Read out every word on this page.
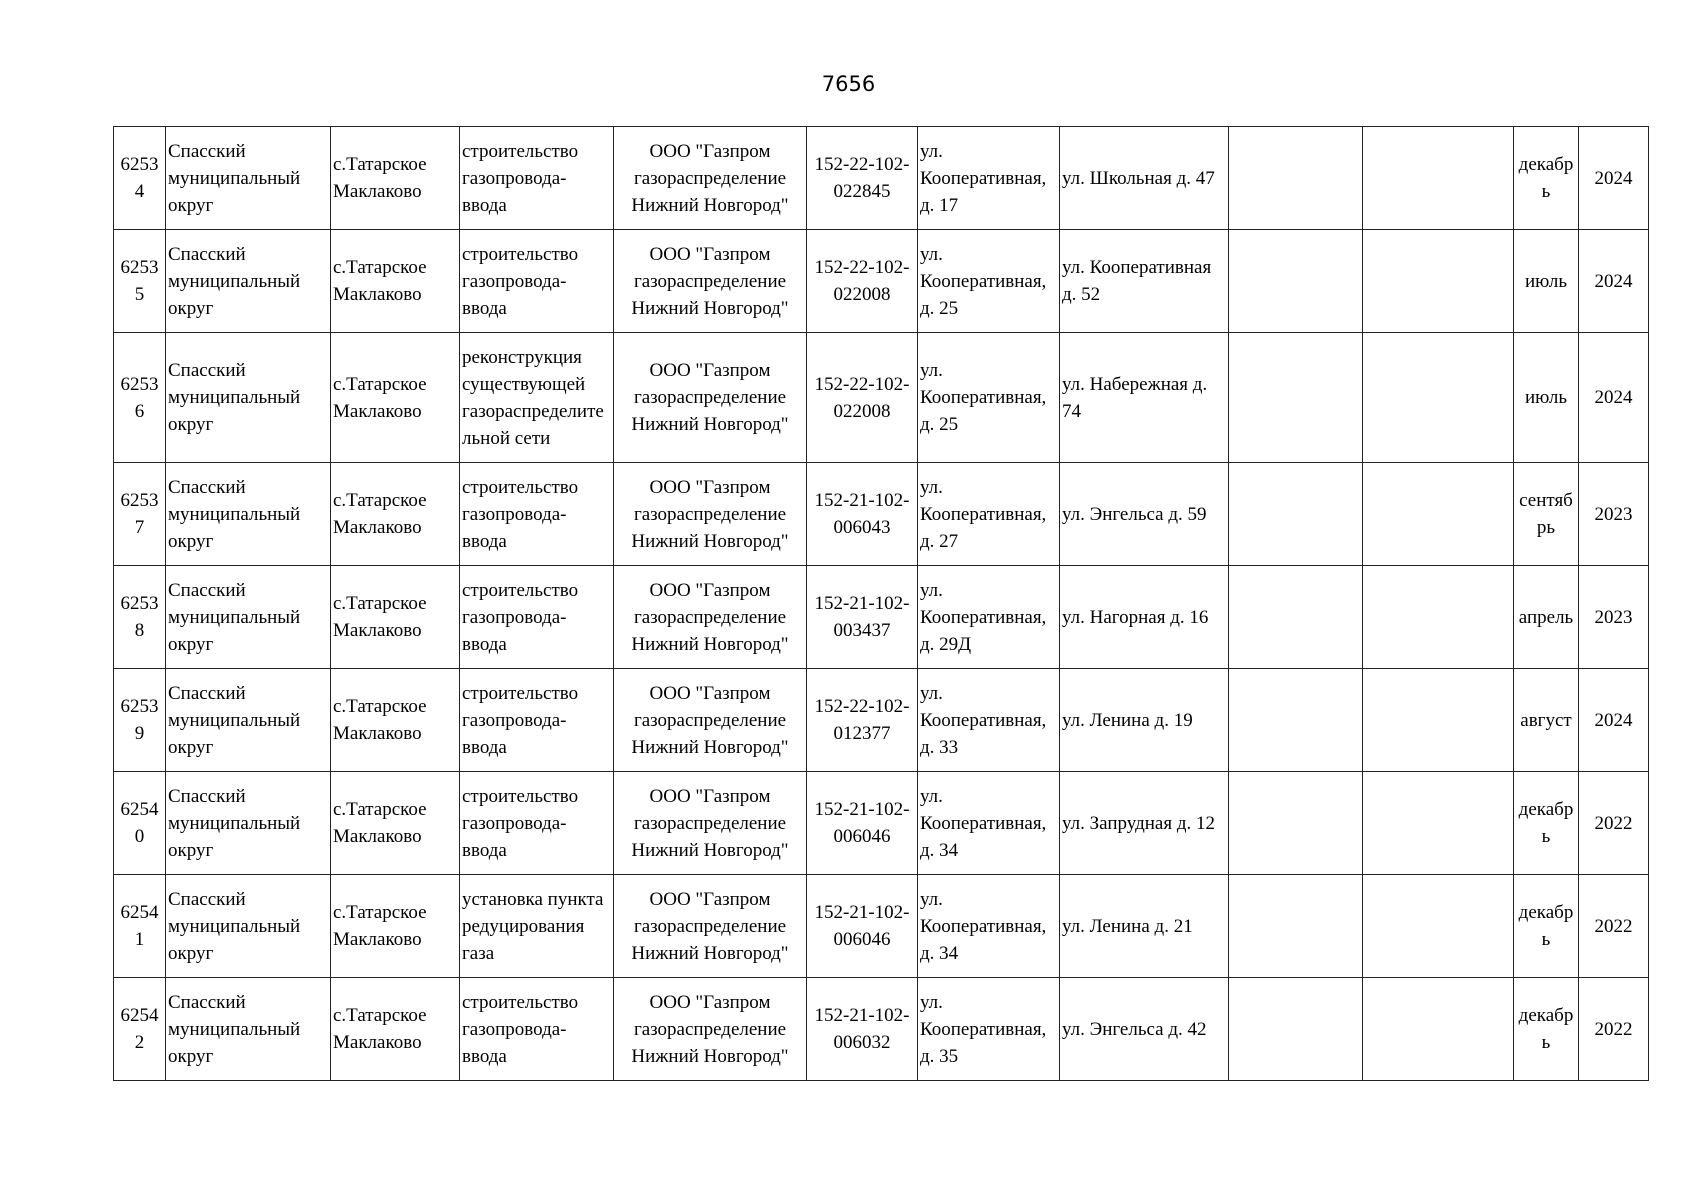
7656
62534	Спасский муниципальный округ	с.Татарское Маклаково	строительство газопровода-ввода	ООО "Газпром газораспределение Нижний Новгород"	152-22-102-022845	ул. Кооперативная, д. 17	ул. Школьная д. 47			декабрь	2024
62535	Спасский муниципальный округ	с.Татарское Маклаково	строительство газопровода-ввода	ООО "Газпром газораспределение Нижний Новгород"	152-22-102-022008	ул. Кооперативная, д. 25	ул. Кооперативная д. 52			июль	2024
62536	Спасский муниципальный округ	с.Татарское Маклаково	реконструкция существующей газораспределительной сети	ООО "Газпром газораспределение Нижний Новгород"	152-22-102-022008	ул. Кооперативная, д. 25	ул. Набережная д. 74			июль	2024
62537	Спасский муниципальный округ	с.Татарское Маклаково	строительство газопровода-ввода	ООО "Газпром газораспределение Нижний Новгород"	152-21-102-006043	ул. Кооперативная, д. 27	ул. Энгельса д. 59			сентябрь	2023
62538	Спасский муниципальный округ	с.Татарское Маклаково	строительство газопровода-ввода	ООО "Газпром газораспределение Нижний Новгород"	152-21-102-003437	ул. Кооперативная, д. 29Д	ул. Нагорная д. 16			апрель	2023
62539	Спасский муниципальный округ	с.Татарское Маклаково	строительство газопровода-ввода	ООО "Газпром газораспределение Нижний Новгород"	152-22-102-012377	ул. Кооперативная, д. 33	ул. Ленина д. 19			август	2024
62540	Спасский муниципальный округ	с.Татарское Маклаково	строительство газопровода-ввода	ООО "Газпром газораспределение Нижний Новгород"	152-21-102-006046	ул. Кооперативная, д. 34	ул. Запрудная д. 12			декабрь	2022
62541	Спасский муниципальный округ	с.Татарское Маклаково	установка пункта редуцирования газа	ООО "Газпром газораспределение Нижний Новгород"	152-21-102-006046	ул. Кооперативная, д. 34	ул. Ленина д. 21			декабрь	2022
62542	Спасский муниципальный округ	с.Татарское Маклаково	строительство газопровода-ввода	ООО "Газпром газораспределение Нижний Новгород"	152-21-102-006032	ул. Кооперативная, д. 35	ул. Энгельса д. 42			декабрь	2022
